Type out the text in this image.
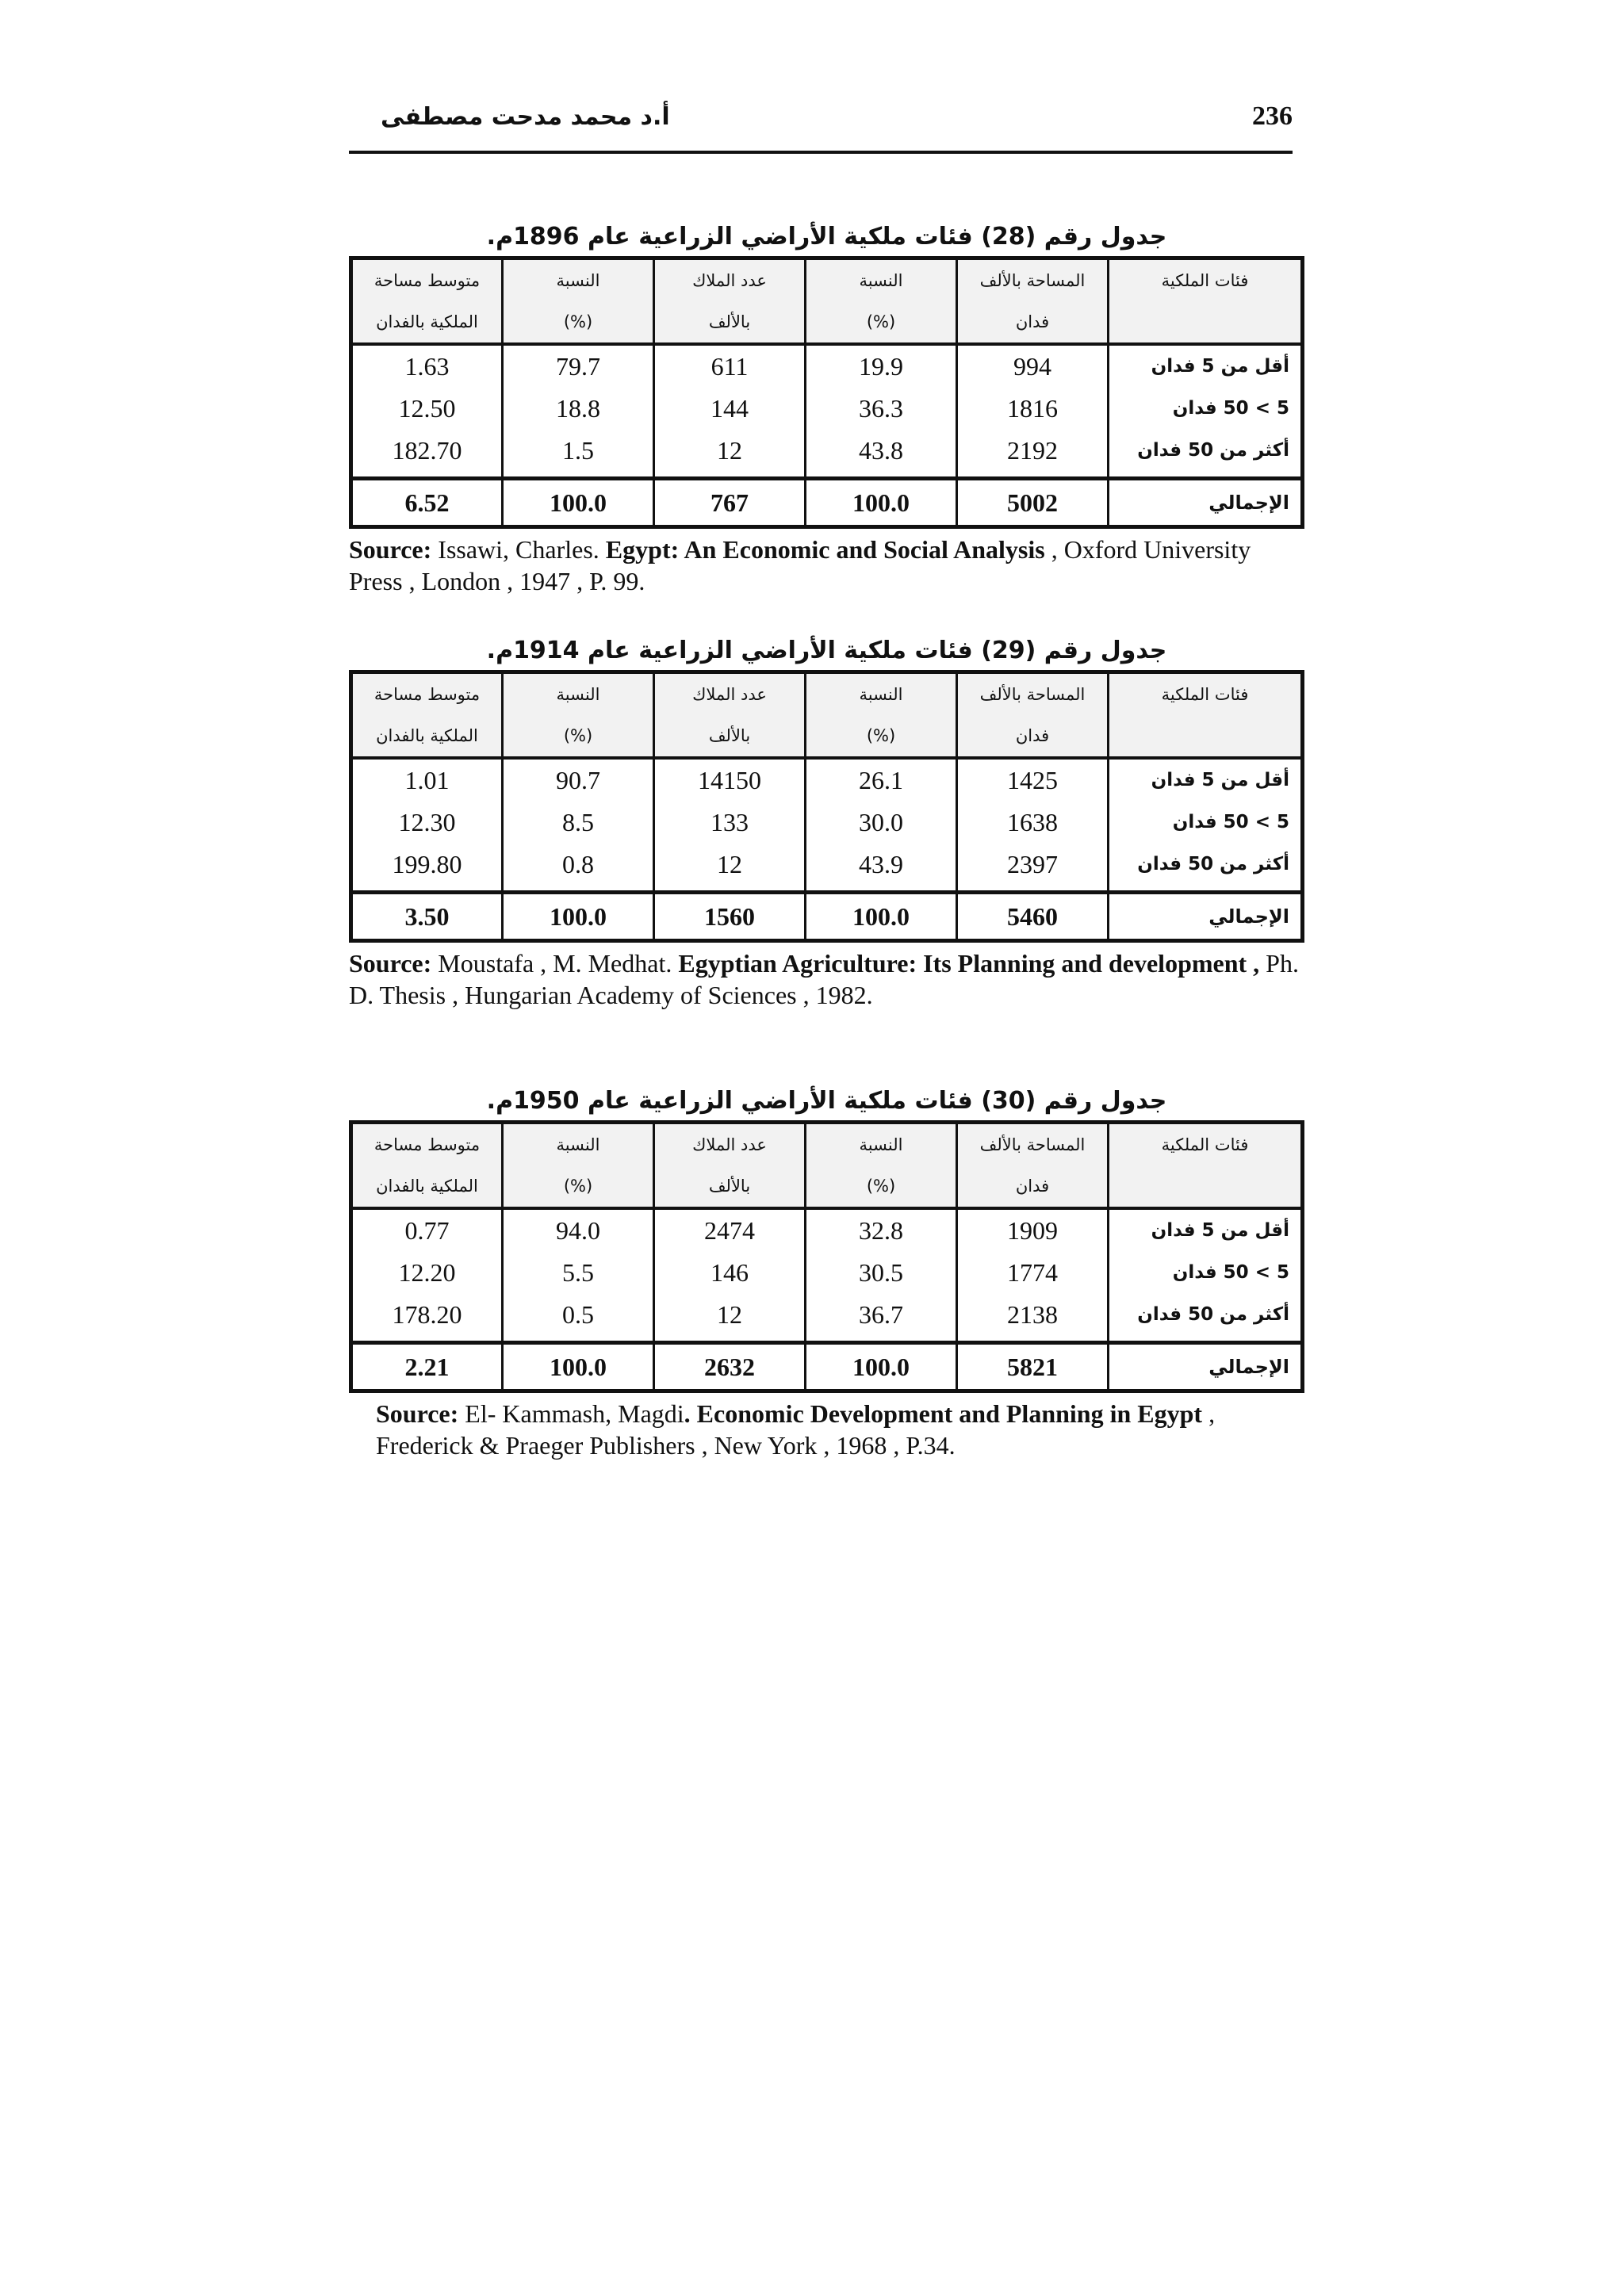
236
أ.د محمد مدحت مصطفى
جدول رقم (28) فئات ملكية الأراضي الزراعية عام 1896م.
فئات الملكية	المساحة بالألف	النسبة	عدد الملاك	النسبة	متوسط مساحة
	فدان	(%)	بالألف	(%)	الملكية بالفدان
أقل من 5 فدان	994	19.9	611	79.7	1.63
5 > 50 فدان	1816	36.3	144	18.8	12.50
أكثر من 50 فدان	2192	43.8	12	1.5	182.70
الإجمالي	5002	100.0	767	100.0	6.52
Source: Issawi, Charles. Egypt: An Economic and Social Analysis , Oxford University Press , London , 1947 , P. 99.
جدول رقم (29) فئات ملكية الأراضي الزراعية عام 1914م.
فئات الملكية	المساحة بالألف	النسبة	عدد الملاك	النسبة	متوسط مساحة
	فدان	(%)	بالألف	(%)	الملكية بالفدان
أقل من 5 فدان	1425	26.1	14150	90.7	1.01
5 > 50 فدان	1638	30.0	133	8.5	12.30
أكثر من 50 فدان	2397	43.9	12	0.8	199.80
الإجمالي	5460	100.0	1560	100.0	3.50
Source: Moustafa , M. Medhat. Egyptian Agriculture: Its Planning and development , Ph. D. Thesis , Hungarian Academy of Sciences , 1982.
جدول رقم (30) فئات ملكية الأراضي الزراعية عام 1950م.
فئات الملكية	المساحة بالألف	النسبة	عدد الملاك	النسبة	متوسط مساحة
	فدان	(%)	بالألف	(%)	الملكية بالفدان
أقل من 5 فدان	1909	32.8	2474	94.0	0.77
5 > 50 فدان	1774	30.5	146	5.5	12.20
أكثر من 50 فدان	2138	36.7	12	0.5	178.20
الإجمالي	5821	100.0	2632	100.0	2.21
Source: El- Kammash, Magdi. Economic Development and Planning in Egypt , Frederick & Praeger Publishers , New York , 1968 , P.34.
